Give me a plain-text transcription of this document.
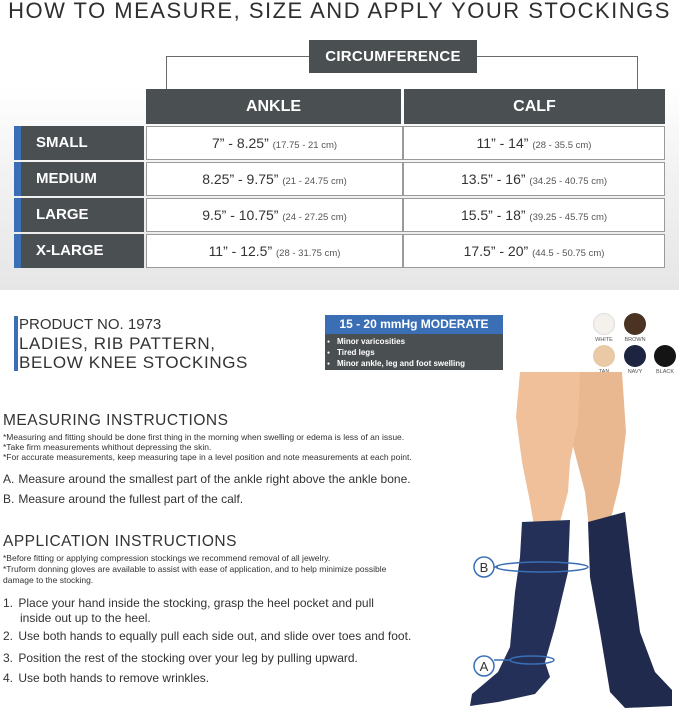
HOW TO MEASURE, SIZE AND APPLY YOUR STOCKINGS
CIRCUMFERENCE
ANKLE	CALF
SMALL	7” - 8.25” (17.75 - 21 cm)	11” - 14” (28 - 35.5 cm)
MEDIUM	8.25” - 9.75” (21 - 24.75 cm)	13.5” - 16” (34.25 - 40.75 cm)
LARGE	9.5” - 10.75” (24 - 27.25 cm)	15.5” - 18” (39.25 - 45.75 cm)
X-LARGE	11” - 12.5” (28 - 31.75 cm)	17.5” - 20” (44.5 - 50.75 cm)
PRODUCT NO. 1973
LADIES, RIB PATTERN,
BELOW KNEE STOCKINGS
15 - 20 mmHg MODERATE
● Minor varicosities
● Tired legs
● Minor ankle, leg and foot swelling
WHITE	BROWN
NAVY	BLACK
MEASURING INSTRUCTIONS
*Measuring and fitting should be done first thing in the morning when swelling or edema is less of an issue.
*Take firm measurements whithout depressing the skin.
*For accurate measurements, keep measuring tape in a level position and note measurements at each point.
A. Measure around the smallest part of the ankle right above the ankle bone.
B. Measure around the fullest part of the calf.
APPLICATION INSTRUCTIONS
*Before fitting or applying compression stockings we recommend removal of all jewelry.
*Truform donning gloves are available to assist with ease of application, and to help minimize possible
damage to the stocking.
1. Place your hand inside the stocking, grasp the heel pocket and pull
inside out up to the heel.
2. Use both hands to equally pull each side out, and slide over toes and foot.
3. Position the rest of the stocking over your leg by pulling upward.
4. Use both hands to remove wrinkles.
B
A
